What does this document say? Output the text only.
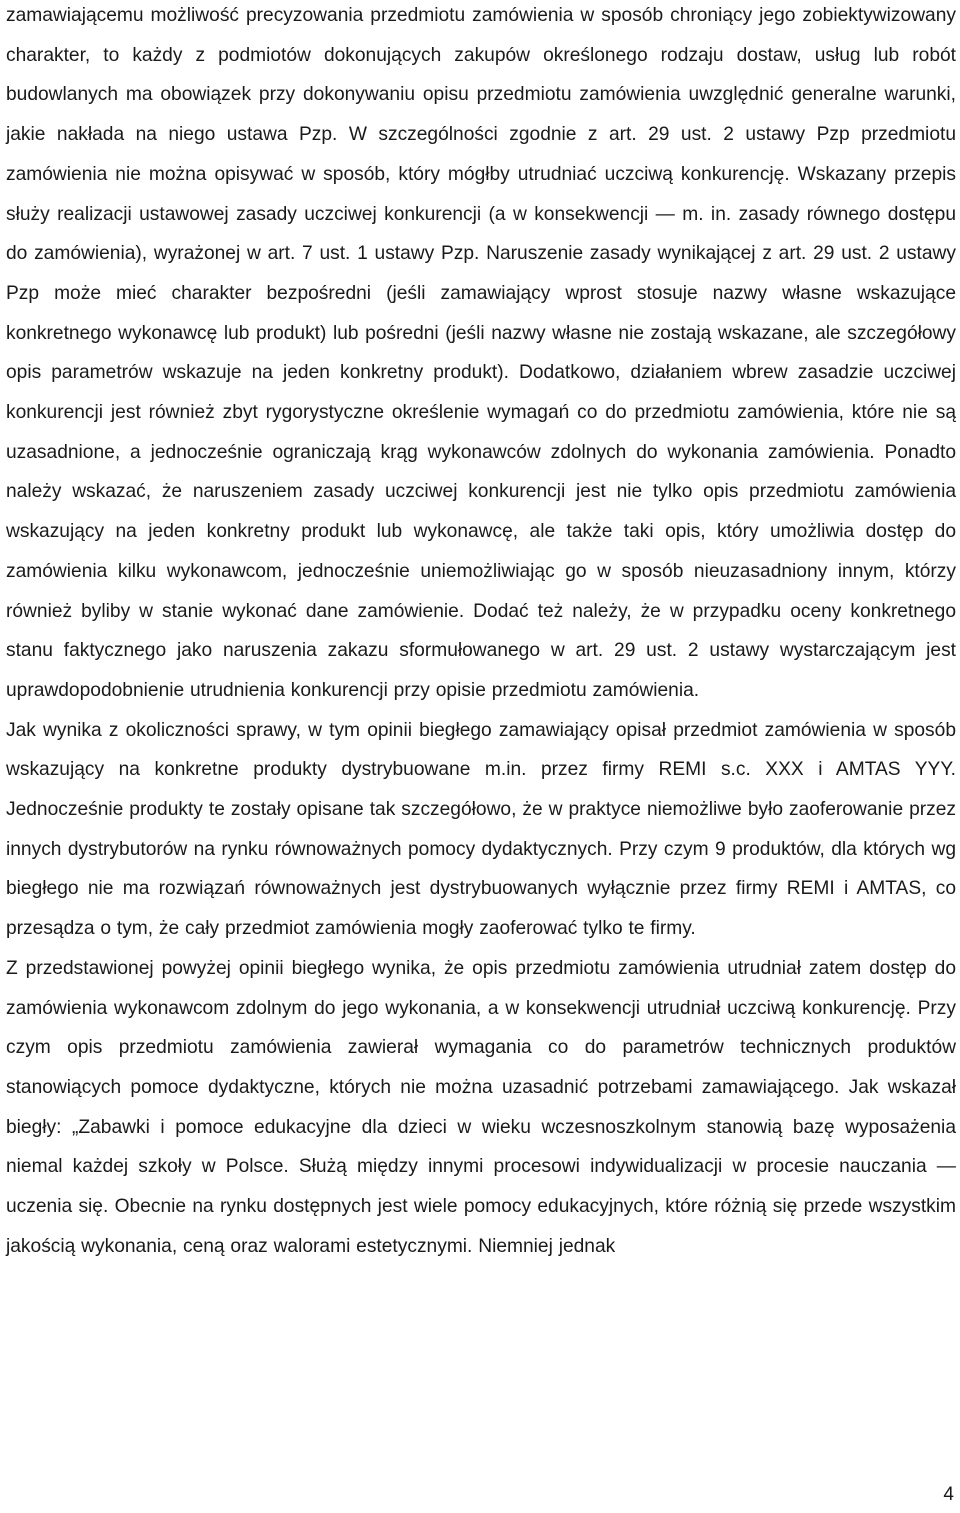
zamawiającemu możliwość precyzowania przedmiotu zamówienia w sposób chroniący jego zobiektywizowany charakter, to każdy z podmiotów dokonujących zakupów określonego rodzaju dostaw, usług lub robót budowlanych ma obowiązek przy dokonywaniu opisu przedmiotu zamówienia uwzględnić generalne warunki, jakie nakłada na niego ustawa Pzp. W szczególności zgodnie z art. 29 ust. 2 ustawy Pzp przedmiotu zamówienia nie można opisywać w sposób, który mógłby utrudniać uczciwą konkurencję. Wskazany przepis służy realizacji ustawowej zasady uczciwej konkurencji (a w konsekwencji — m. in. zasady równego dostępu do zamówienia), wyrażonej w art. 7 ust. 1 ustawy Pzp. Naruszenie zasady wynikającej z art. 29 ust. 2 ustawy Pzp może mieć charakter bezpośredni (jeśli zamawiający wprost stosuje nazwy własne wskazujące konkretnego wykonawcę lub produkt) lub pośredni (jeśli nazwy własne nie zostają wskazane, ale szczegółowy opis parametrów wskazuje na jeden konkretny produkt). Dodatkowo, działaniem wbrew zasadzie uczciwej konkurencji jest również zbyt rygorystyczne określenie wymagań co do przedmiotu zamówienia, które nie są uzasadnione, a jednocześnie ograniczają krąg wykonawców zdolnych do wykonania zamówienia. Ponadto należy wskazać, że naruszeniem zasady uczciwej konkurencji jest nie tylko opis przedmiotu zamówienia wskazujący na jeden konkretny produkt lub wykonawcę, ale także taki opis, który umożliwia dostęp do zamówienia kilku wykonawcom, jednocześnie uniemożliwiając go w sposób nieuzasadniony innym, którzy również byliby w stanie wykonać dane zamówienie. Dodać też należy, że w przypadku oceny konkretnego stanu faktycznego jako naruszenia zakazu sformułowanego w art. 29 ust. 2 ustawy wystarczającym jest uprawdopodobnienie utrudnienia konkurencji przy opisie przedmiotu zamówienia.

Jak wynika z okoliczności sprawy, w tym opinii biegłego zamawiający opisał przedmiot zamówienia w sposób wskazujący na konkretne produkty dystrybuowane m.in. przez firmy REMI s.c. XXX i AMTAS YYY. Jednocześnie produkty te zostały opisane tak szczegółowo, że w praktyce niemożliwe było zaoferowanie przez innych dystrybutorów na rynku równoważnych pomocy dydaktycznych. Przy czym 9 produktów, dla których wg biegłego nie ma rozwiązań równoważnych jest dystrybuowanych wyłącznie przez firmy REMI i AMTAS, co przesądza o tym, że cały przedmiot zamówienia mogły zaoferować tylko te firmy.

Z przedstawionej powyżej opinii biegłego wynika, że opis przedmiotu zamówienia utrudniał zatem dostęp do zamówienia wykonawcom zdolnym do jego wykonania, a w konsekwencji utrudniał uczciwą konkurencję. Przy czym opis przedmiotu zamówienia zawierał wymagania co do parametrów technicznych produktów stanowiących pomoce dydaktyczne, których nie można uzasadnić potrzebami zamawiającego. Jak wskazał biegły: „Zabawki i pomoce edukacyjne dla dzieci w wieku wczesnoszkolnym stanowią bazę wyposażenia niemal każdej szkoły w Polsce. Służą między innymi procesowi indywidualizacji w procesie nauczania — uczenia się. Obecnie na rynku dostępnych jest wiele pomocy edukacyjnych, które różnią się przede wszystkim jakością wykonania, ceną oraz walorami estetycznymi. Niemniej jednak

4
